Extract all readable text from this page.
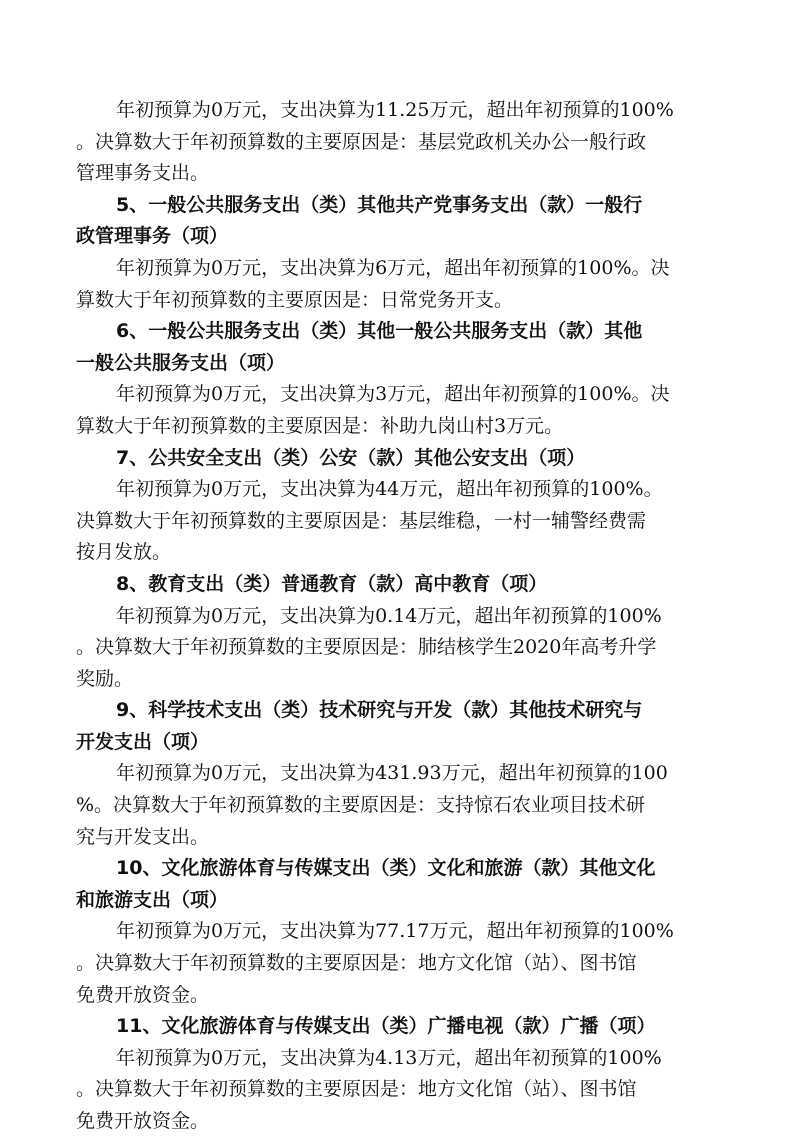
年初预算为0万元，支出决算为11.25万元，超出年初预算的100%
。决算数大于年初预算数的主要原因是：基层党政机关办公一般行政
管理事务支出。
5、一般公共服务支出（类）其他共产党事务支出（款）一般行
政管理事务（项）
年初预算为0万元，支出决算为6万元，超出年初预算的100%。决
算数大于年初预算数的主要原因是：日常党务开支。
6、一般公共服务支出（类）其他一般公共服务支出（款）其他
一般公共服务支出（项）
年初预算为0万元，支出决算为3万元，超出年初预算的100%。决
算数大于年初预算数的主要原因是：补助九岗山村3万元。
7、公共安全支出（类）公安（款）其他公安支出（项）
年初预算为0万元，支出决算为44万元，超出年初预算的100%。
决算数大于年初预算数的主要原因是：基层维稳，一村一辅警经费需
按月发放。
8、教育支出（类）普通教育（款）高中教育（项）
年初预算为0万元，支出决算为0.14万元，超出年初预算的100%
。决算数大于年初预算数的主要原因是：肺结核学生2020年高考升学
奖励。
9、科学技术支出（类）技术研究与开发（款）其他技术研究与
开发支出（项）
年初预算为0万元，支出决算为431.93万元，超出年初预算的100
%。决算数大于年初预算数的主要原因是：支持惊石农业项目技术研
究与开发支出。
10、文化旅游体育与传媒支出（类）文化和旅游（款）其他文化
和旅游支出（项）
年初预算为0万元，支出决算为77.17万元，超出年初预算的100%
。决算数大于年初预算数的主要原因是：地方文化馆（站）、图书馆
免费开放资金。
11、文化旅游体育与传媒支出（类）广播电视（款）广播（项）
年初预算为0万元，支出决算为4.13万元，超出年初预算的100%
。决算数大于年初预算数的主要原因是：地方文化馆（站）、图书馆
免费开放资金。
